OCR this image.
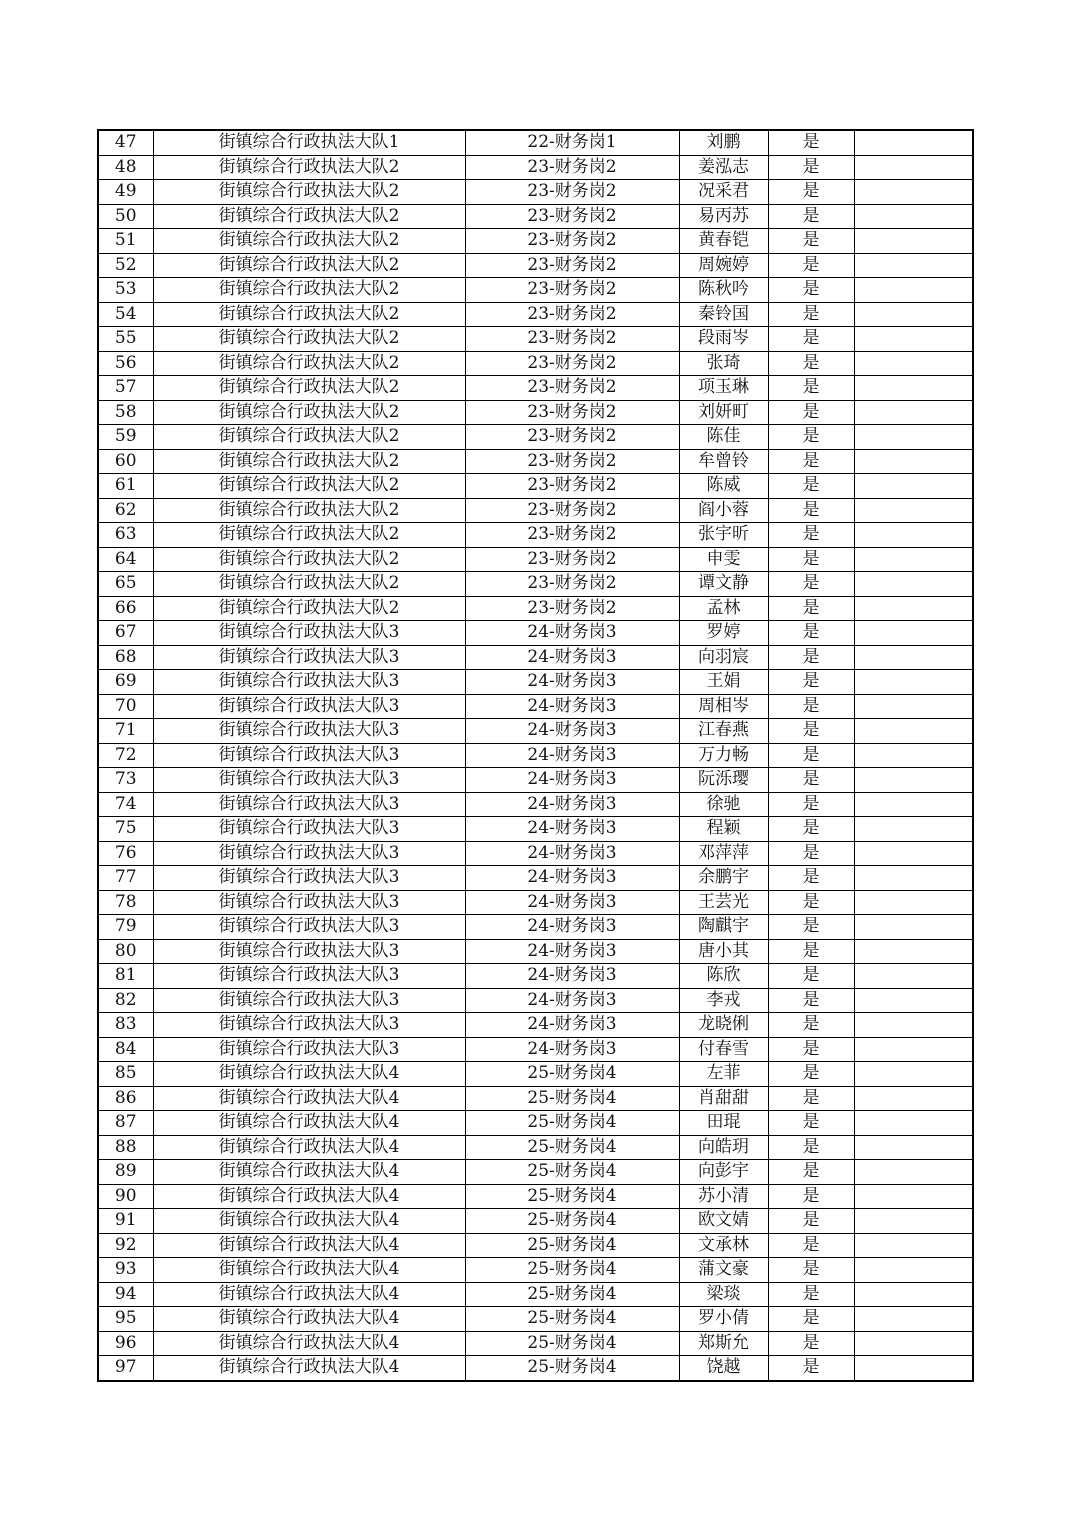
47	街镇综合行政执法大队1	22-财务岗1	刘鹏	是	
48	街镇综合行政执法大队2	23-财务岗2	姜泓志	是	
49	街镇综合行政执法大队2	23-财务岗2	况采君	是	
50	街镇综合行政执法大队2	23-财务岗2	易丙苏	是	
51	街镇综合行政执法大队2	23-财务岗2	黄春铠	是	
52	街镇综合行政执法大队2	23-财务岗2	周婉婷	是	
53	街镇综合行政执法大队2	23-财务岗2	陈秋吟	是	
54	街镇综合行政执法大队2	23-财务岗2	秦铃国	是	
55	街镇综合行政执法大队2	23-财务岗2	段雨岑	是	
56	街镇综合行政执法大队2	23-财务岗2	张琦	是	
57	街镇综合行政执法大队2	23-财务岗2	项玉琳	是	
58	街镇综合行政执法大队2	23-财务岗2	刘妍町	是	
59	街镇综合行政执法大队2	23-财务岗2	陈佳	是	
60	街镇综合行政执法大队2	23-财务岗2	牟曾铃	是	
61	街镇综合行政执法大队2	23-财务岗2	陈威	是	
62	街镇综合行政执法大队2	23-财务岗2	阎小蓉	是	
63	街镇综合行政执法大队2	23-财务岗2	张宇昕	是	
64	街镇综合行政执法大队2	23-财务岗2	申雯	是	
65	街镇综合行政执法大队2	23-财务岗2	谭文静	是	
66	街镇综合行政执法大队2	23-财务岗2	孟林	是	
67	街镇综合行政执法大队3	24-财务岗3	罗婷	是	
68	街镇综合行政执法大队3	24-财务岗3	向羽宸	是	
69	街镇综合行政执法大队3	24-财务岗3	王娟	是	
70	街镇综合行政执法大队3	24-财务岗3	周相岑	是	
71	街镇综合行政执法大队3	24-财务岗3	江春燕	是	
72	街镇综合行政执法大队3	24-财务岗3	万力畅	是	
73	街镇综合行政执法大队3	24-财务岗3	阮泺璎	是	
74	街镇综合行政执法大队3	24-财务岗3	徐驰	是	
75	街镇综合行政执法大队3	24-财务岗3	程颖	是	
76	街镇综合行政执法大队3	24-财务岗3	邓萍萍	是	
77	街镇综合行政执法大队3	24-财务岗3	余鹏宇	是	
78	街镇综合行政执法大队3	24-财务岗3	王芸光	是	
79	街镇综合行政执法大队3	24-财务岗3	陶麒宇	是	
80	街镇综合行政执法大队3	24-财务岗3	唐小其	是	
81	街镇综合行政执法大队3	24-财务岗3	陈欣	是	
82	街镇综合行政执法大队3	24-财务岗3	李戎	是	
83	街镇综合行政执法大队3	24-财务岗3	龙晓俐	是	
84	街镇综合行政执法大队3	24-财务岗3	付春雪	是	
85	街镇综合行政执法大队4	25-财务岗4	左菲	是	
86	街镇综合行政执法大队4	25-财务岗4	肖甜甜	是	
87	街镇综合行政执法大队4	25-财务岗4	田琨	是	
88	街镇综合行政执法大队4	25-财务岗4	向皓玥	是	
89	街镇综合行政执法大队4	25-财务岗4	向彭宇	是	
90	街镇综合行政执法大队4	25-财务岗4	苏小清	是	
91	街镇综合行政执法大队4	25-财务岗4	欧文婧	是	
92	街镇综合行政执法大队4	25-财务岗4	文承林	是	
93	街镇综合行政执法大队4	25-财务岗4	蒲文豪	是	
94	街镇综合行政执法大队4	25-财务岗4	梁琰	是	
95	街镇综合行政执法大队4	25-财务岗4	罗小倩	是	
96	街镇综合行政执法大队4	25-财务岗4	郑斯允	是	
97	街镇综合行政执法大队4	25-财务岗4	饶越	是	
